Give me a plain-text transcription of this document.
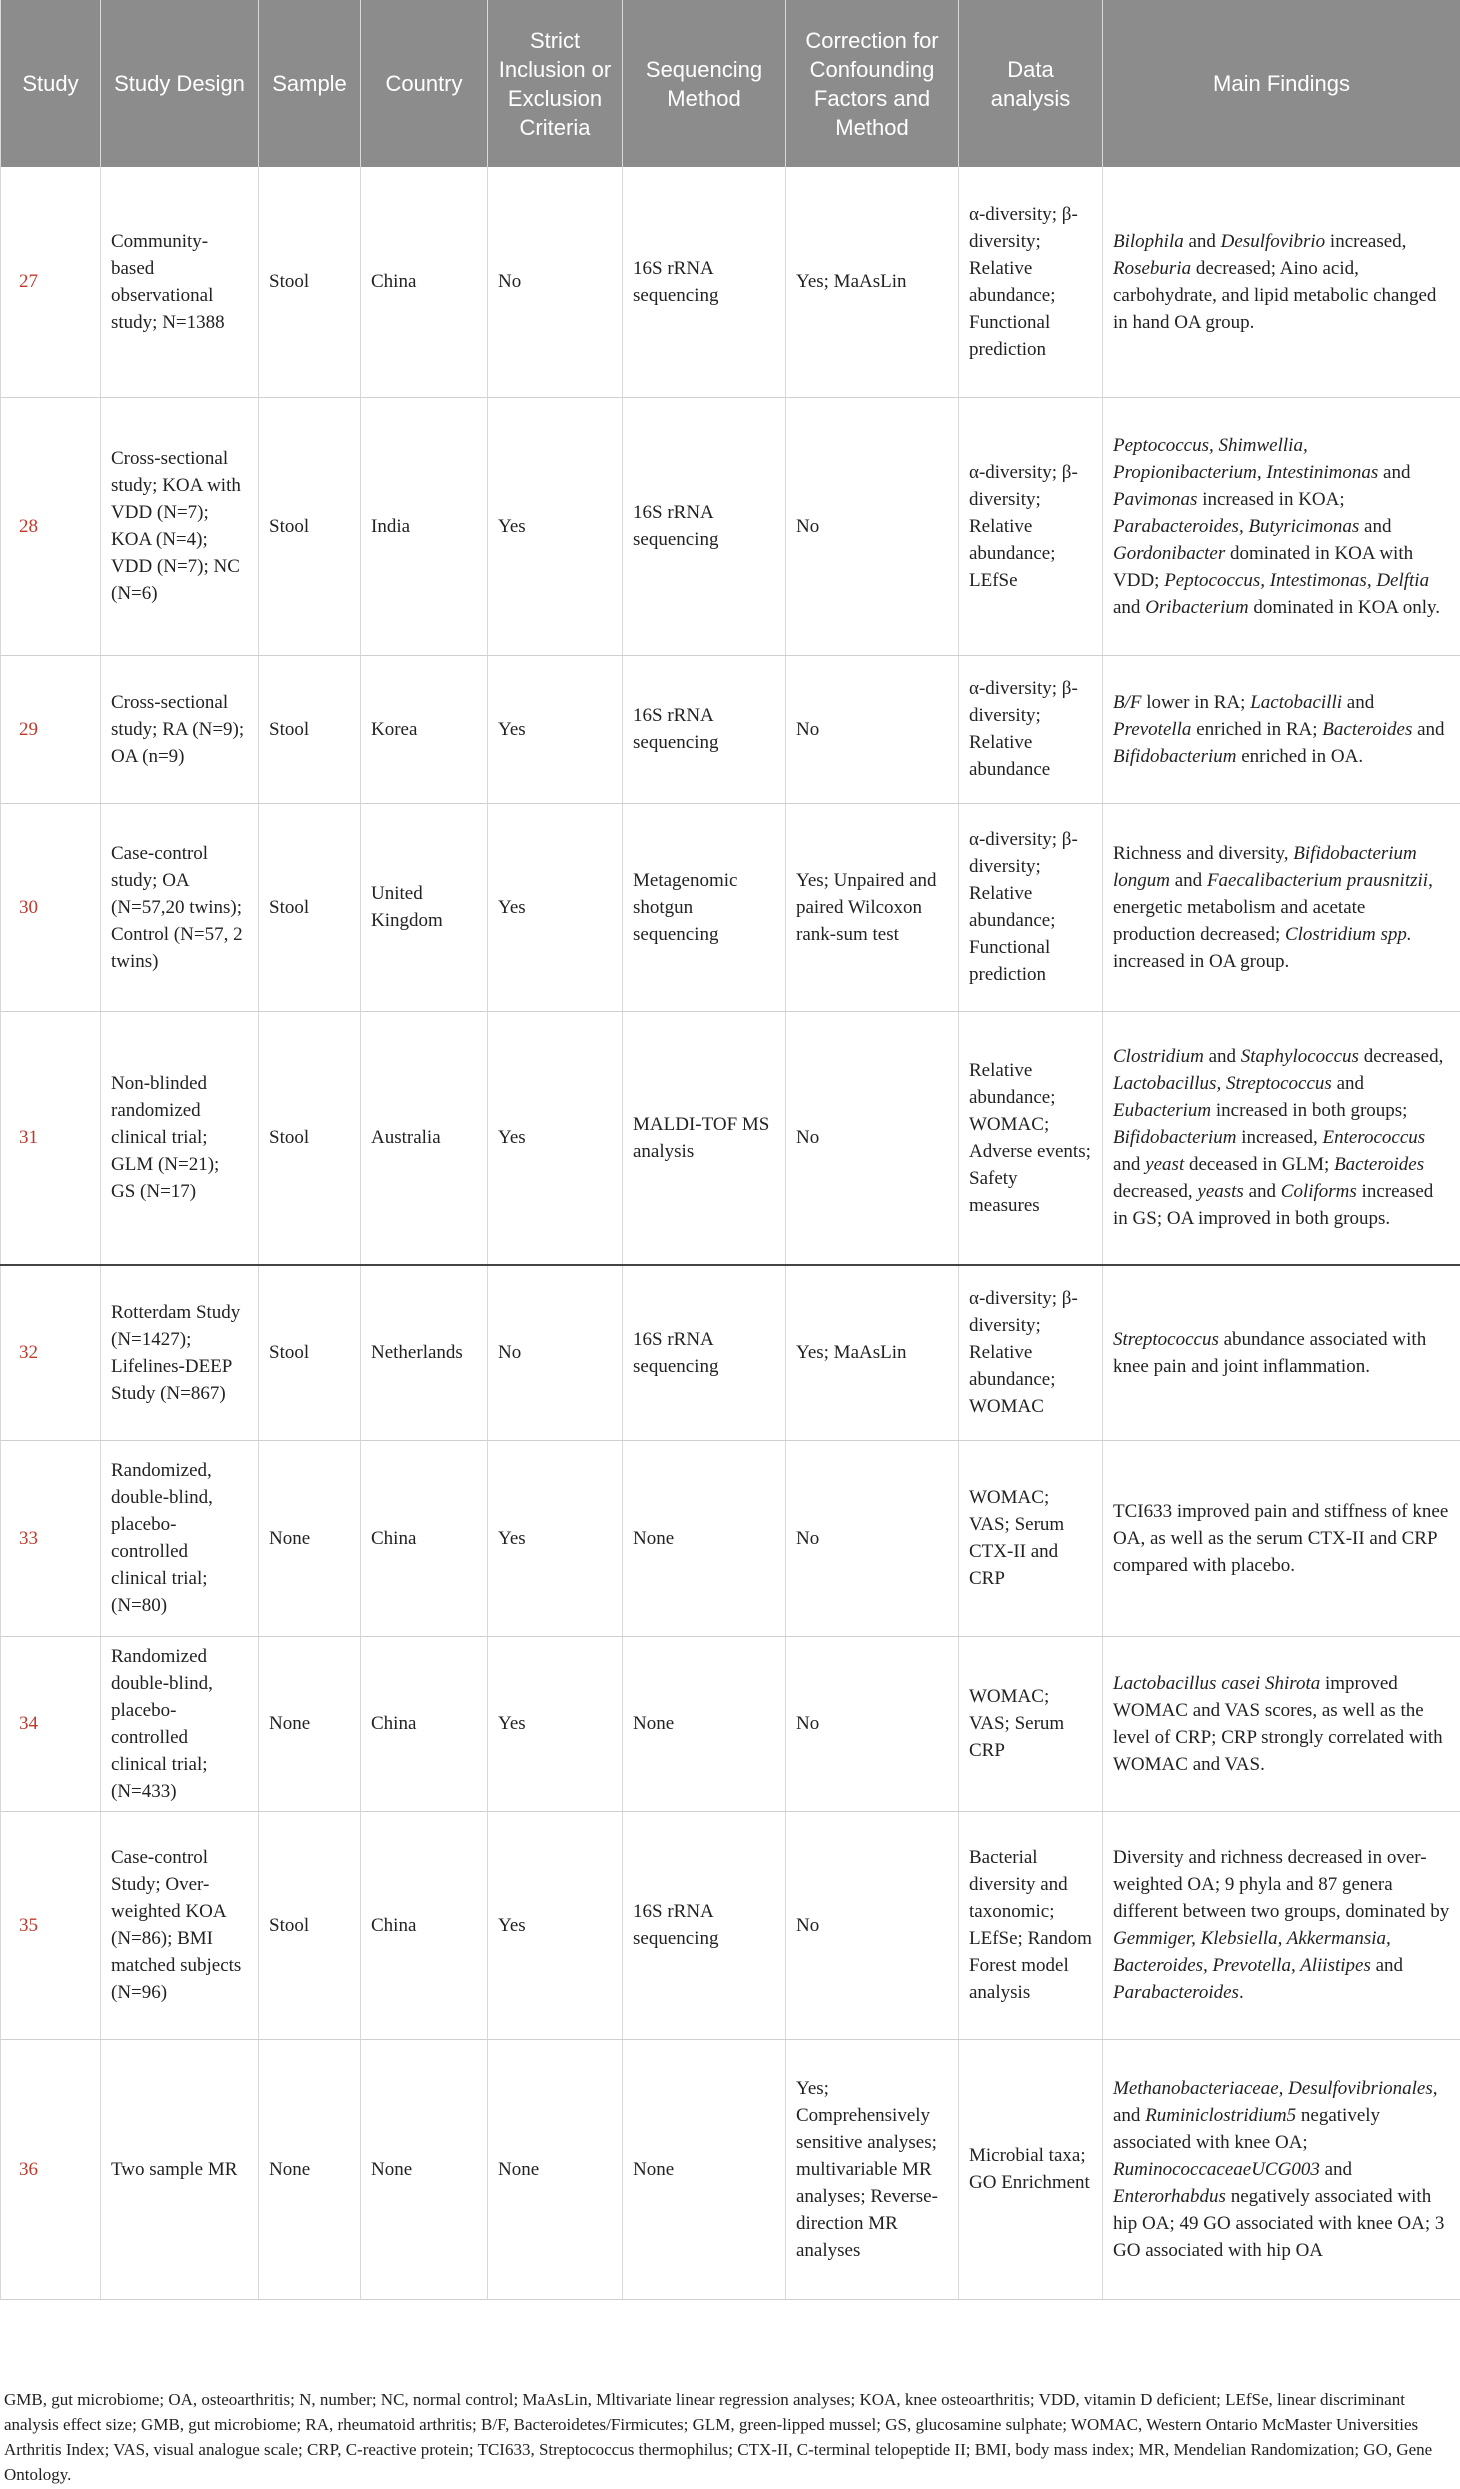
Study	Study Design	Sample	Country	Strict Inclusion or Exclusion Criteria	Sequencing Method	Correction for Confounding Factors and Method	Data analysis	Main Findings
27	Community-based observational study; N=1388	Stool	China	No	16S rRNA sequencing	Yes; MaAsLin	α-diversity; β-diversity; Relative abundance; Functional prediction	Bilophila and Desulfovibrio increased, Roseburia decreased; Aino acid, carbohydrate, and lipid metabolic changed in hand OA group.
28	Cross-sectional study; KOA with VDD (N=7); KOA (N=4); VDD (N=7); NC (N=6)	Stool	India	Yes	16S rRNA sequencing	No	α-diversity; β-diversity; Relative abundance; LEfSe	Peptococcus, Shimwellia, Propionibacterium, Intestinimonas and Pavimonas increased in KOA; Parabacteroides, Butyricimonas and Gordonibacter dominated in KOA with VDD; Peptococcus, Intestimonas, Delftia and Oribacterium dominated in KOA only.
29	Cross-sectional study; RA (N=9); OA (n=9)	Stool	Korea	Yes	16S rRNA sequencing	No	α-diversity; β-diversity; Relative abundance	B/F lower in RA; Lactobacilli and Prevotella enriched in RA; Bacteroides and Bifidobacterium enriched in OA.
30	Case-control study; OA (N=57,20 twins); Control (N=57, 2 twins)	Stool	United Kingdom	Yes	Metagenomic shotgun sequencing	Yes; Unpaired and paired Wilcoxon rank-sum test	α-diversity; β-diversity; Relative abundance; Functional prediction	Richness and diversity, Bifidobacterium longum and Faecalibacterium prausnitzii, energetic metabolism and acetate production decreased; Clostridium spp. increased in OA group.
31	Non-blinded randomized clinical trial; GLM (N=21); GS (N=17)	Stool	Australia	Yes	MALDI-TOF MS analysis	No	Relative abundance; WOMAC; Adverse events; Safety measures	Clostridium and Staphylococcus decreased, Lactobacillus, Streptococcus and Eubacterium increased in both groups; Bifidobacterium increased, Enterococcus and yeast deceased in GLM; Bacteroides decreased, yeasts and Coliforms increased in GS; OA improved in both groups.
32	Rotterdam Study (N=1427); Lifelines-DEEP Study (N=867)	Stool	Netherlands	No	16S rRNA sequencing	Yes; MaAsLin	α-diversity; β-diversity; Relative abundance; WOMAC	Streptococcus abundance associated with knee pain and joint inflammation.
33	Randomized, double-blind, placebo-controlled clinical trial; (N=80)	None	China	Yes	None	No	WOMAC; VAS; Serum CTX-II and CRP	TCI633 improved pain and stiffness of knee OA, as well as the serum CTX-II and CRP compared with placebo.
34	Randomized double-blind, placebo-controlled clinical trial; (N=433)	None	China	Yes	None	No	WOMAC; VAS; Serum CRP	Lactobacillus casei Shirota improved WOMAC and VAS scores, as well as the level of CRP; CRP strongly correlated with WOMAC and VAS.
35	Case-control Study; Over-weighted KOA (N=86); BMI matched subjects (N=96)	Stool	China	Yes	16S rRNA sequencing	No	Bacterial diversity and taxonomic; LEfSe; Random Forest model analysis	Diversity and richness decreased in over-weighted OA; 9 phyla and 87 genera different between two groups, dominated by Gemmiger, Klebsiella, Akkermansia, Bacteroides, Prevotella, Aliistipes and Parabacteroides.
36	Two sample MR	None	None	None	None	Yes; Comprehensively sensitive analyses; multivariable MR analyses; Reverse-direction MR analyses	Microbial taxa; GO Enrichment	Methanobacteriaceae, Desulfovibrionales, and Ruminiclostridium5 negatively associated with knee OA; RuminococcaceaeUCG003 and Enterorhabdus negatively associated with hip OA; 49 GO associated with knee OA; 3 GO associated with hip OA
GMB, gut microbiome; OA, osteoarthritis; N, number; NC, normal control; MaAsLin, Mltivariate linear regression analyses; KOA, knee osteoarthritis; VDD, vitamin D deficient; LEfSe, linear discriminant analysis effect size; GMB, gut microbiome; RA, rheumatoid arthritis; B/F, Bacteroidetes/Firmicutes; GLM, green-lipped mussel; GS, glucosamine sulphate; WOMAC, Western Ontario McMaster Universities Arthritis Index; VAS, visual analogue scale; CRP, C-reactive protein; TCI633, Streptococcus thermophilus; CTX-II, C-terminal telopeptide II; BMI, body mass index; MR, Mendelian Randomization; GO, Gene Ontology.
